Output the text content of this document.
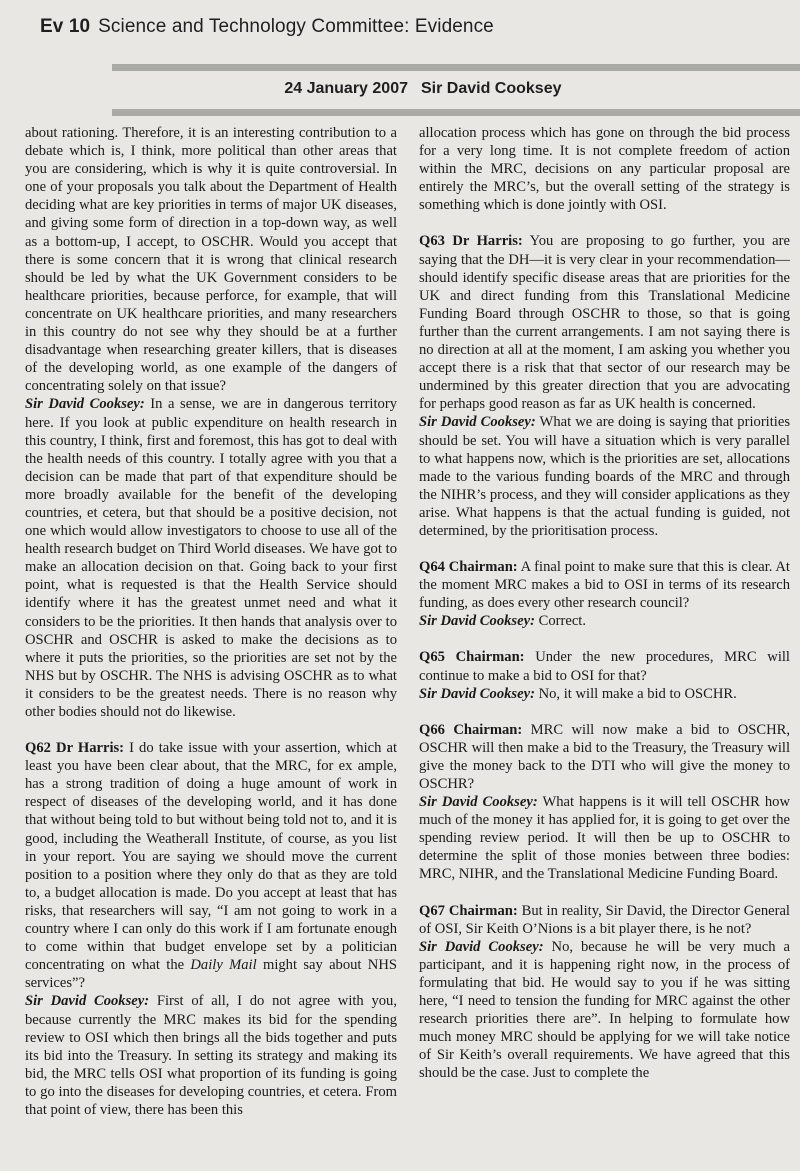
Ev 10 Science and Technology Committee: Evidence
24 January 2007 Sir David Cooksey

about rationing. Therefore, it is an interesting contribution to a debate which is, I think, more political than other areas that you are considering, which is why it is quite controversial. In one of your proposals you talk about the Department of Health deciding what are key priorities in terms of major UK diseases, and giving some form of direction in a top-down way, as well as a bottom-up, I accept, to OSCHR. Would you accept that there is some concern that it is wrong that clinical research should be led by what the UK Government considers to be healthcare priorities, because perforce, for example, that will concentrate on UK healthcare priorities, and many researchers in this country do not see why they should be at a further disadvantage when researching greater killers, that is diseases of the developing world, as one example of the dangers of concentrating solely on that issue?

Sir David Cooksey: In a sense, we are in dangerous territory here. If you look at public expenditure on health research in this country, I think, first and foremost, this has got to deal with the health needs of this country. I totally agree with you that a decision can be made that part of that expenditure should be more broadly available for the benefit of the developing countries, et cetera, but that should be a positive decision, not one which would allow investigators to choose to use all of the health research budget on Third World diseases. We have got to make an allocation decision on that. Going back to your first point, what is requested is that the Health Service should identify where it has the greatest unmet need and what it considers to be the priorities. It then hands that analysis over to OSCHR and OSCHR is asked to make the decisions as to where it puts the priorities, so the priorities are set not by the NHS but by OSCHR. The NHS is advising OSCHR as to what it considers to be the greatest needs. There is no reason why other bodies should not do likewise.

Q62 Dr Harris: I do take issue with your assertion, which at least you have been clear about, that the MRC, for ex ample, has a strong tradition of doing a huge amount of work in respect of diseases of the developing world, and it has done that without being told to but without being told not to, and it is good, including the Weatherall Institute, of course, as you list in your report. You are saying we should move the current position to a position where they only do that as they are told to, a budget allocation is made. Do you accept at least that has risks, that researchers will say, “I am not going to work in a country where I can only do this work if I am fortunate enough to come within that budget envelope set by a politician concentrating on what the Daily Mail might say about NHS services”?

Sir David Cooksey: First of all, I do not agree with you, because currently the MRC makes its bid for the spending review to OSI which then brings all the bids together and puts its bid into the Treasury. In setting its strategy and making its bid, the MRC tells OSI what proportion of its funding is going to go into the diseases for developing countries, et cetera. From that point of view, there has been this

allocation process which has gone on through the bid process for a very long time. It is not complete freedom of action within the MRC, decisions on any particular proposal are entirely the MRC’s, but the overall setting of the strategy is something which is done jointly with OSI.

Q63 Dr Harris: You are proposing to go further, you are saying that the DH—it is very clear in your recommendation—should identify specific disease areas that are priorities for the UK and direct funding from this Translational Medicine Funding Board through OSCHR to those, so that is going further than the current arrangements. I am not saying there is no direction at all at the moment, I am asking you whether you accept there is a risk that that sector of our research may be undermined by this greater direction that you are advocating for perhaps good reason as far as UK health is concerned.

Sir David Cooksey: What we are doing is saying that priorities should be set. You will have a situation which is very parallel to what happens now, which is the priorities are set, allocations made to the various funding boards of the MRC and through the NIHR’s process, and they will consider applications as they arise. What happens is that the actual funding is guided, not determined, by the prioritisation process.

Q64 Chairman: A final point to make sure that this is clear. At the moment MRC makes a bid to OSI in terms of its research funding, as does every other research council?

Sir David Cooksey: Correct.

Q65 Chairman: Under the new procedures, MRC will continue to make a bid to OSI for that?

Sir David Cooksey: No, it will make a bid to OSCHR.

Q66 Chairman: MRC will now make a bid to OSCHR, OSCHR will then make a bid to the Treasury, the Treasury will give the money back to the DTI who will give the money to OSCHR?

Sir David Cooksey: What happens is it will tell OSCHR how much of the money it has applied for, it is going to get over the spending review period. It will then be up to OSCHR to determine the split of those monies between three bodies: MRC, NIHR, and the Translational Medicine Funding Board.

Q67 Chairman: But in reality, Sir David, the Director General of OSI, Sir Keith O’Nions is a bit player there, is he not?

Sir David Cooksey: No, because he will be very much a participant, and it is happening right now, in the process of formulating that bid. He would say to you if he was sitting here, “I need to tension the funding for MRC against the other research priorities there are”. In helping to formulate how much money MRC should be applying for we will take notice of Sir Keith’s overall requirements. We have agreed that this should be the case. Just to complete the
